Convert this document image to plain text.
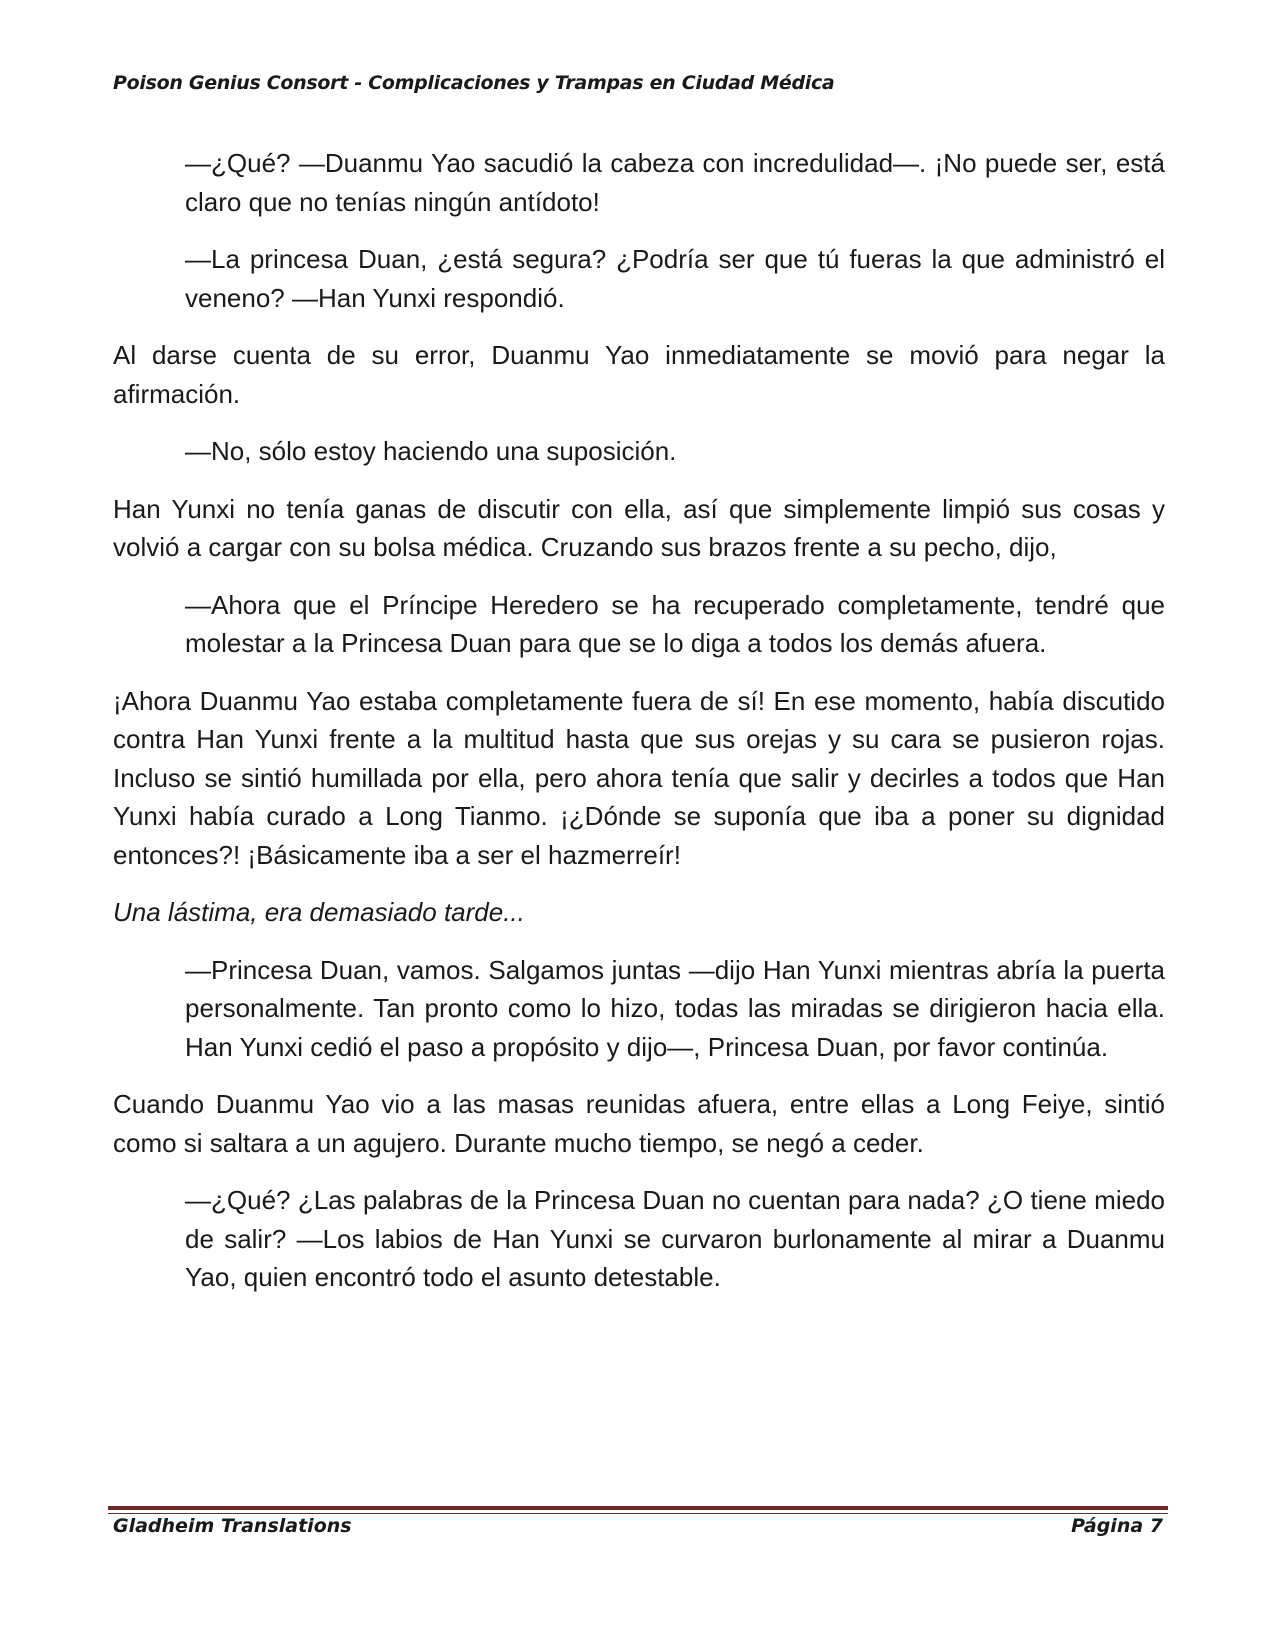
Poison Genius Consort - Complicaciones y Trampas en Ciudad Médica

—¿Qué? —Duanmu Yao sacudió la cabeza con incredulidad—. ¡No puede ser, está claro que no tenías ningún antídoto!

—La princesa Duan, ¿está segura? ¿Podría ser que tú fueras la que administró el veneno? —Han Yunxi respondió.

Al darse cuenta de su error, Duanmu Yao inmediatamente se movió para negar la afirmación.

—No, sólo estoy haciendo una suposición.

Han Yunxi no tenía ganas de discutir con ella, así que simplemente limpió sus cosas y volvió a cargar con su bolsa médica. Cruzando sus brazos frente a su pecho, dijo,

—Ahora que el Príncipe Heredero se ha recuperado completamente, tendré que molestar a la Princesa Duan para que se lo diga a todos los demás afuera.

¡Ahora Duanmu Yao estaba completamente fuera de sí! En ese momento, había discutido contra Han Yunxi frente a la multitud hasta que sus orejas y su cara se pusieron rojas. Incluso se sintió humillada por ella, pero ahora tenía que salir y decirles a todos que Han Yunxi había curado a Long Tianmo. ¡¿Dónde se suponía que iba a poner su dignidad entonces?! ¡Básicamente iba a ser el hazmerreír!

Una lástima, era demasiado tarde...

—Princesa Duan, vamos. Salgamos juntas —dijo Han Yunxi mientras abría la puerta personalmente. Tan pronto como lo hizo, todas las miradas se dirigieron hacia ella. Han Yunxi cedió el paso a propósito y dijo—, Princesa Duan, por favor continúa.

Cuando Duanmu Yao vio a las masas reunidas afuera, entre ellas a Long Feiye, sintió como si saltara a un agujero. Durante mucho tiempo, se negó a ceder.

—¿Qué? ¿Las palabras de la Princesa Duan no cuentan para nada? ¿O tiene miedo de salir? —Los labios de Han Yunxi se curvaron burlonamente al mirar a Duanmu Yao, quien encontró todo el asunto detestable.

Gladheim Translations	Página 7
